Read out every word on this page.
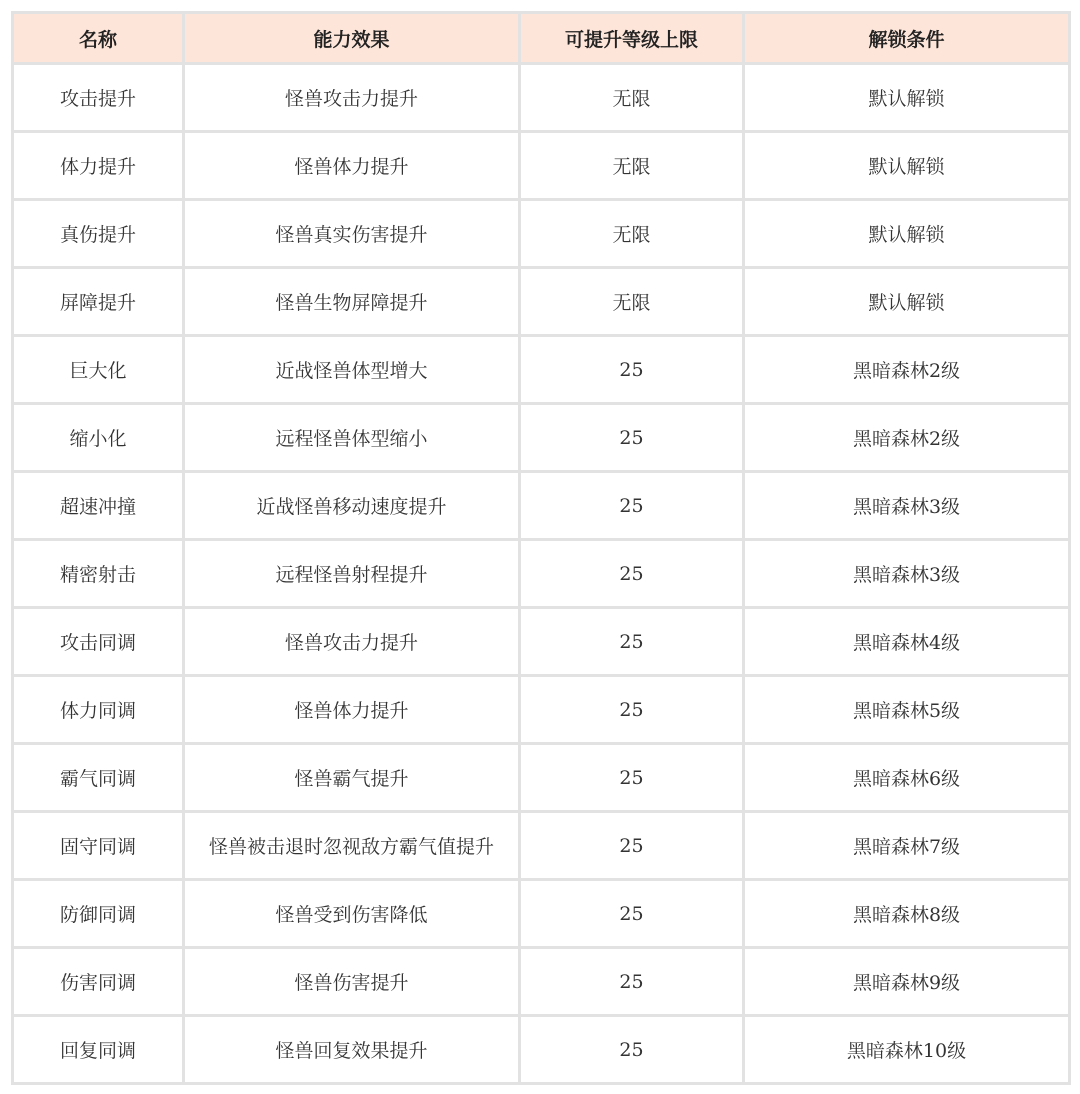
名称	能力效果	可提升等级上限	解锁条件
攻击提升	怪兽攻击力提升	无限	默认解锁
体力提升	怪兽体力提升	无限	默认解锁
真伤提升	怪兽真实伤害提升	无限	默认解锁
屏障提升	怪兽生物屏障提升	无限	默认解锁
巨大化	近战怪兽体型增大	25	黑暗森林2级
缩小化	远程怪兽体型缩小	25	黑暗森林2级
超速冲撞	近战怪兽移动速度提升	25	黑暗森林3级
精密射击	远程怪兽射程提升	25	黑暗森林3级
攻击同调	怪兽攻击力提升	25	黑暗森林4级
体力同调	怪兽体力提升	25	黑暗森林5级
霸气同调	怪兽霸气提升	25	黑暗森林6级
固守同调	怪兽被击退时忽视敌方霸气值提升	25	黑暗森林7级
防御同调	怪兽受到伤害降低	25	黑暗森林8级
伤害同调	怪兽伤害提升	25	黑暗森林9级
回复同调	怪兽回复效果提升	25	黑暗森林10级
